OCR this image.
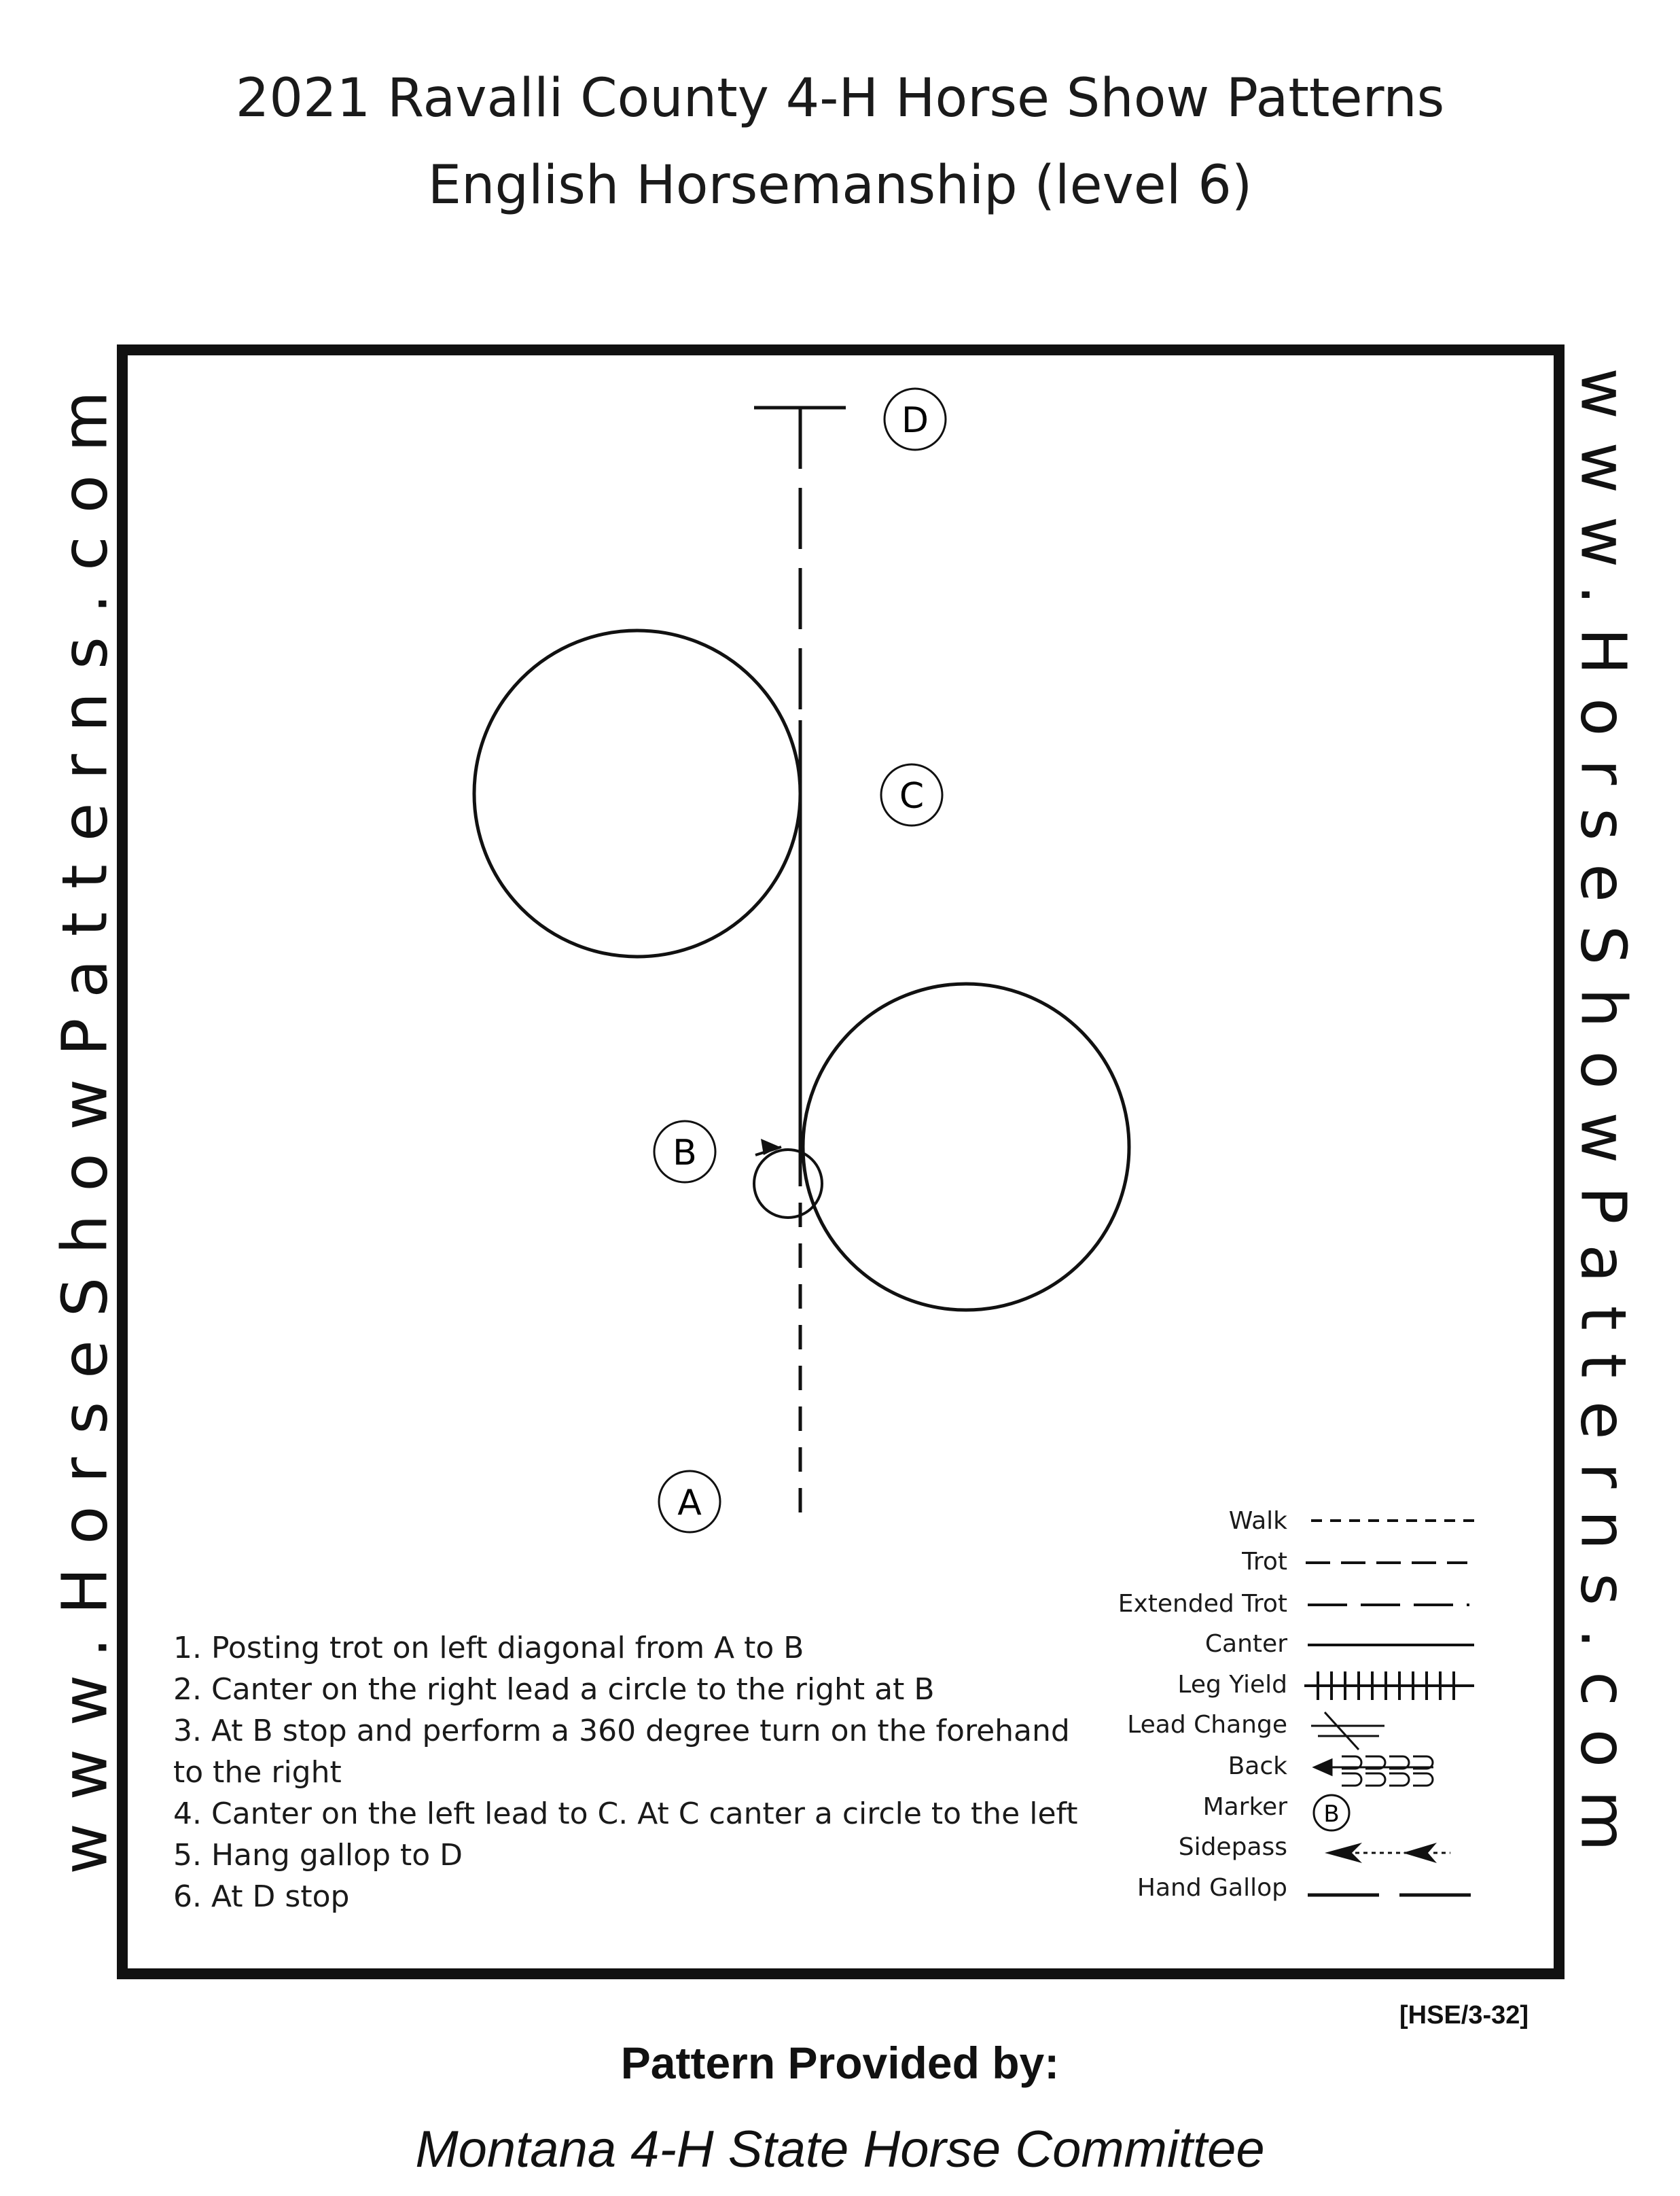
2021 Ravalli County 4-H Horse Show Patterns
English Horsemanship (level 6)
D
C
B
A
B
www.HorseShowPatterns.com	www.HorseShowPatterns.com
1. Posting trot on left diagonal from A to B
2. Canter on the right lead a circle to the right at B
3. At B stop and perform a 360 degree turn on the forehand
to the right
4. Canter on the left lead to C. At C canter a circle to the left
5. Hang gallop to D
6. At D stop
Walk
Trot
Extended Trot
Canter
Leg Yield
Lead Change
Back
Marker
Sidepass
Hand Gallop
[HSE/3-32]
Pattern Provided by:
Montana 4-H State Horse Committee
